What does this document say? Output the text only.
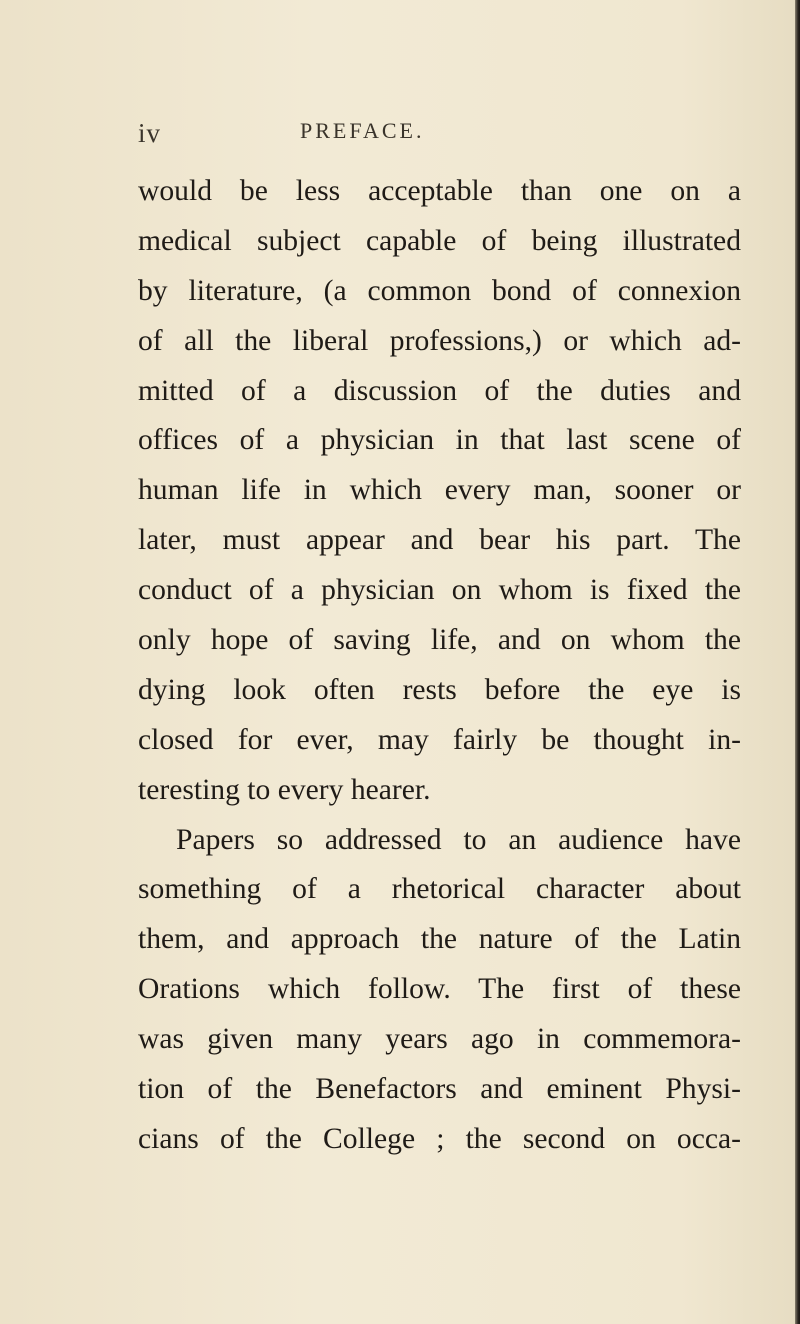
iv	PREFACE.
would be less acceptable than one on a
medical subject capable of being illustrated
by literature, (a common bond of connexion
of all the liberal professions,) or which ad-
mitted of a discussion of the duties and
offices of a physician in that last scene of
human life in which every man, sooner or
later, must appear and bear his part. The
conduct of a physician on whom is fixed the
only hope of saving life, and on whom the
dying look often rests before the eye is
closed for ever, may fairly be thought in-
teresting to every hearer.
Papers so addressed to an audience have
something of a rhetorical character about
them, and approach the nature of the Latin
Orations which follow. The first of these
was given many years ago in commemora-
tion of the Benefactors and eminent Physi-
cians of the College ; the second on occa-
